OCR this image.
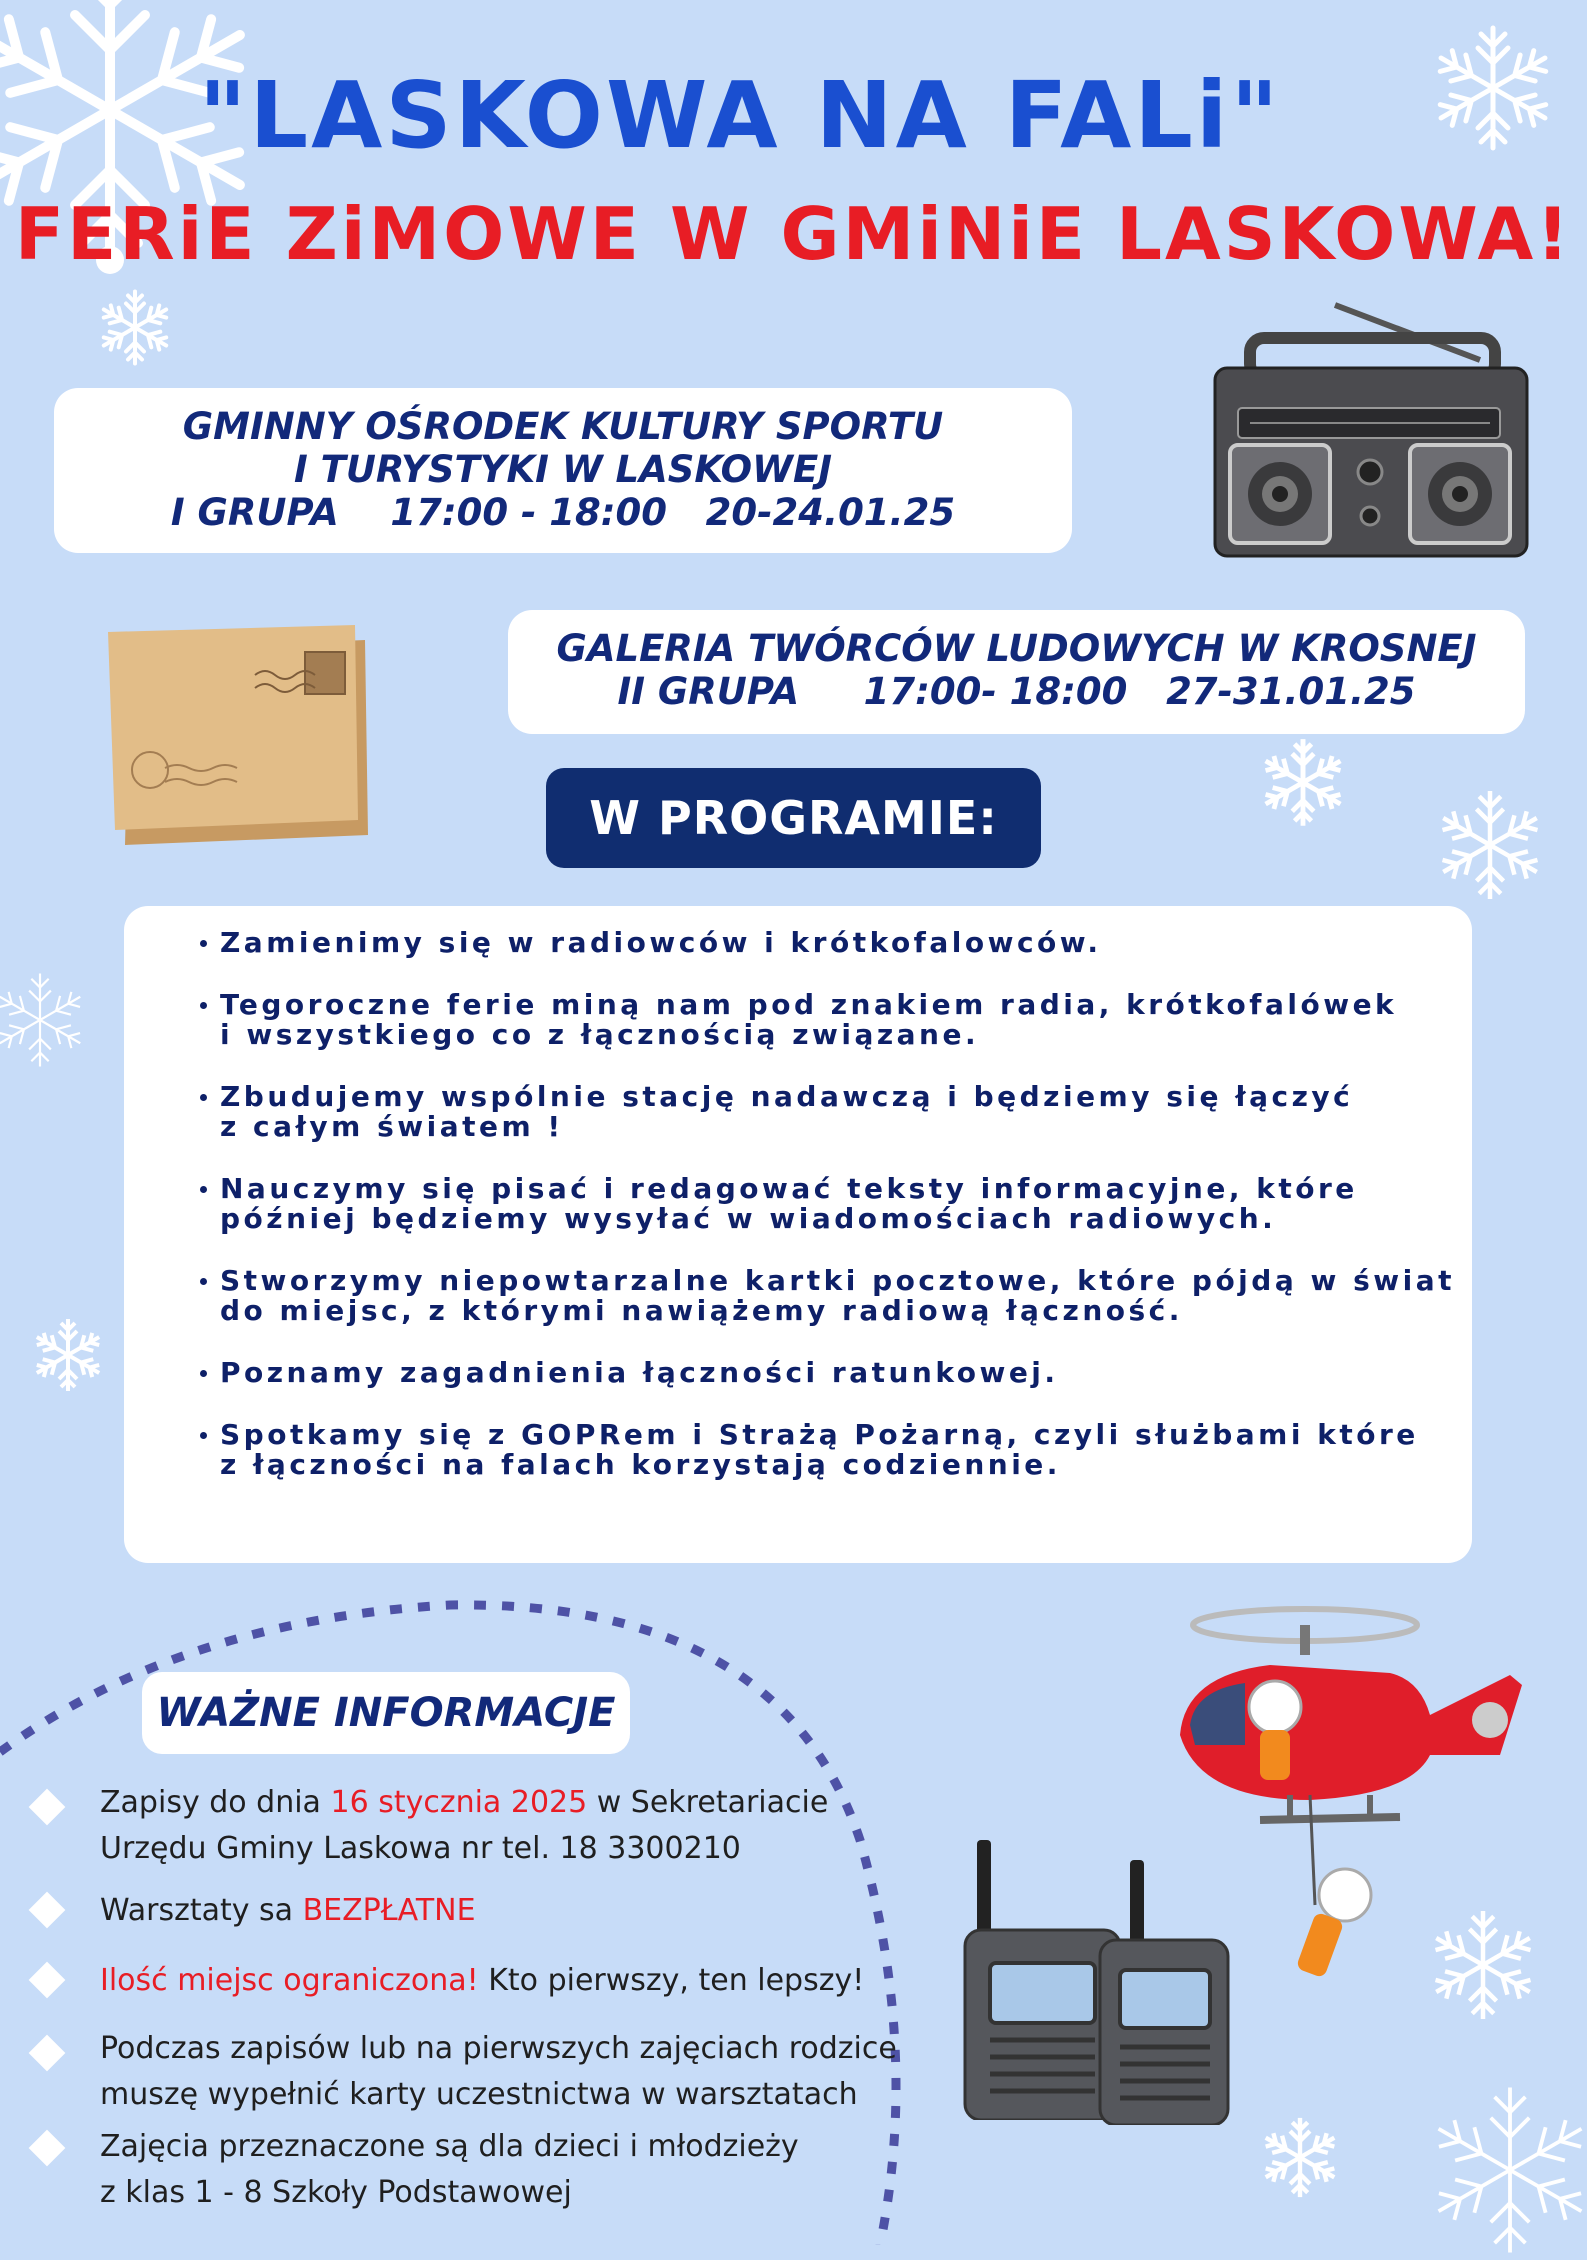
"LASKOWA NA FALi"
FERiE ZiMOWE W GMiNiE LASKOWA!
GMINNY OŚRODEK KULTURY SPORTU
I TURYSTYKI W LASKOWEJ
I GRUPA 17:00 - 18:00 20-24.01.25
GALERIA TWÓRCÓW LUDOWYCH W KROSNEJ
II GRUPA 17:00- 18:00 27-31.01.25
W PROGRAMIE:
Zamienimy się w radiowców i krótkofalowców.
Tegoroczne ferie miną nam pod znakiem radia, krótkofalówek
i wszystkiego co z łącznością związane.
Zbudujemy wspólnie stację nadawczą i będziemy się łączyć
z całym światem !
Nauczymy się pisać i redagować teksty informacyjne, które
później będziemy wysyłać w wiadomościach radiowych.
Stworzymy niepowtarzalne kartki pocztowe, które pójdą w świat
do miejsc, z którymi nawiążemy radiową łączność.
Poznamy zagadnienia łączności ratunkowej.
Spotkamy się z GOPRem i Strażą Pożarną, czyli służbami które
z łączności na falach korzystają codziennie.
WAŻNE INFORMACJE
Zapisy do dnia 16 stycznia 2025 w Sekretariacie
Urzędu Gminy Laskowa nr tel. 18 3300210
Warsztaty sa BEZPŁATNE
Ilość miejsc ograniczona! Kto pierwszy, ten lepszy!
Podczas zapisów lub na pierwszych zajęciach rodzice
muszę wypełnić karty uczestnictwa w warsztatach
Zajęcia przeznaczone są dla dzieci i młodzieży
z klas 1 - 8 Szkoły Podstawowej
